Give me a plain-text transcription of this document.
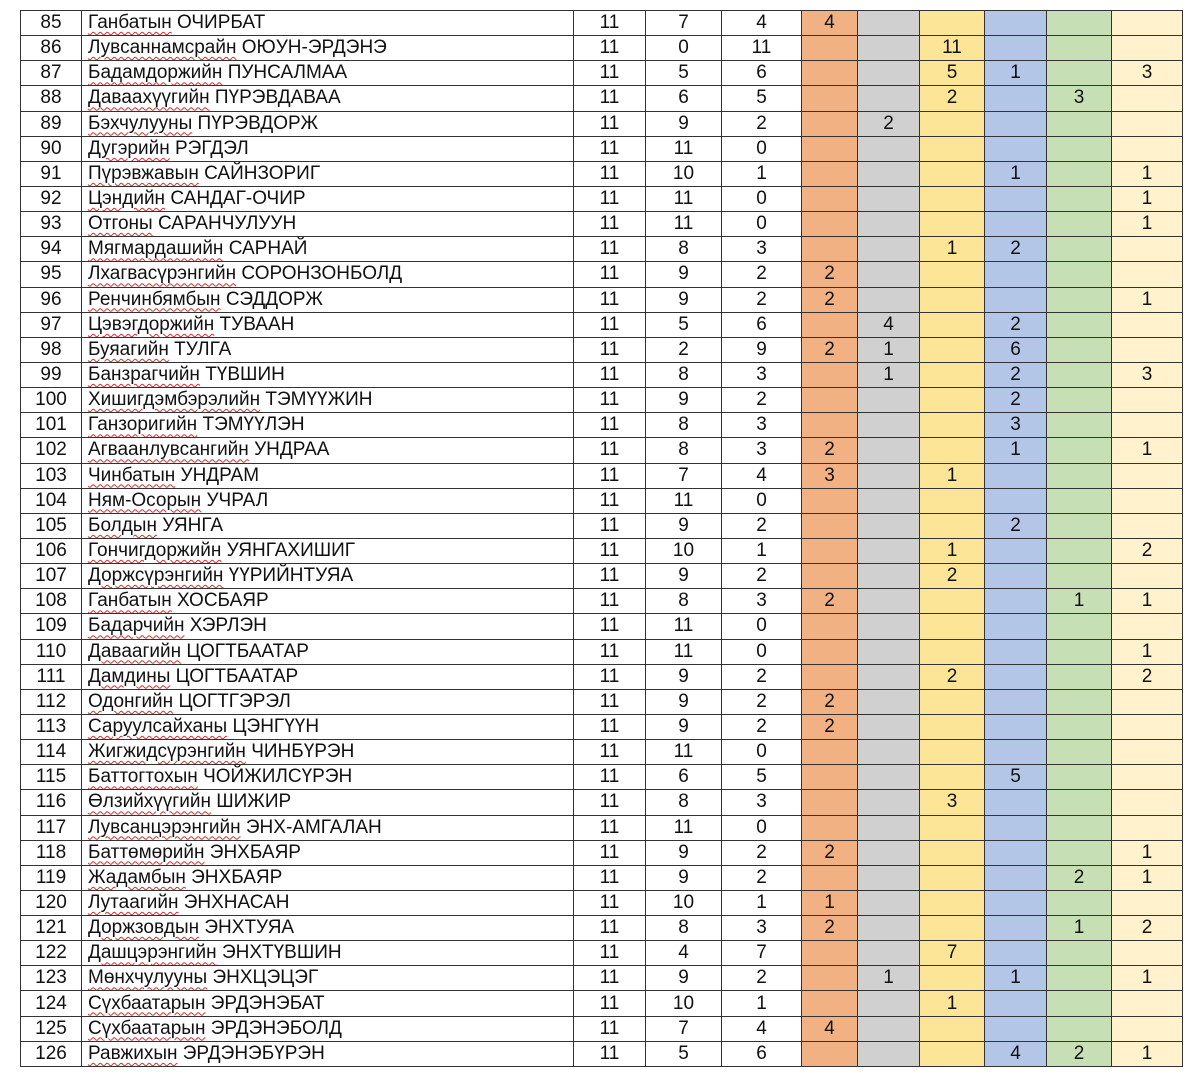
85	Ганбатын ОЧИРБАТ	11	7	4	4					
86	Лувсаннамсрайн ОЮУН-ЭРДЭНЭ	11	0	11			11			
87	Бадамдоржийн ПУНСАЛМАА	11	5	6			5	1		3
88	Даваахүүгийн ПҮРЭВДАВАА	11	6	5			2		3	
89	Бэхчулууны ПҮРЭВДОРЖ	11	9	2		2				
90	Дугэрийн РЭГДЭЛ	11	11	0						
91	Пүрэвжавын САЙНЗОРИГ	11	10	1				1		1
92	Цэндийн САНДАГ-ОЧИР	11	11	0						1
93	Отгоны САРАНЧУЛУУН	11	11	0						1
94	Мягмардашийн САРНАЙ	11	8	3			1	2		
95	Лхагвасүрэнгийн СОРОНЗОНБОЛД	11	9	2	2					
96	Ренчинбямбын СЭДДОРЖ	11	9	2	2					1
97	Цэвэгдоржийн ТУВААН	11	5	6		4		2		
98	Буяагийн ТУЛГА	11	2	9	2	1		6		
99	Банзрагчийн ТҮВШИН	11	8	3		1		2		3
100	Хишигдэмбэрэлийн ТЭМҮҮЖИН	11	9	2				2		
101	Ганзоригийн ТЭМҮҮЛЭН	11	8	3				3		
102	Агваанлувсангийн УНДРАА	11	8	3	2			1		1
103	Чинбатын УНДРАМ	11	7	4	3		1			
104	Ням-Осорын УЧРАЛ	11	11	0						
105	Болдын УЯНГА	11	9	2				2		
106	Гончигдоржийн УЯНГАХИШИГ	11	10	1			1			2
107	Доржсүрэнгийн ҮҮРИЙНТУЯА	11	9	2			2			
108	Ганбатын ХОСБАЯР	11	8	3	2				1	1
109	Бадарчийн ХЭРЛЭН	11	11	0						
110	Даваагийн ЦОГТБААТАР	11	11	0						1
111	Дамдины ЦОГТБААТАР	11	9	2			2			2
112	Одонгийн ЦОГТГЭРЭЛ	11	9	2	2					
113	Саруулсайханы ЦЭНГҮҮН	11	9	2	2					
114	Жигжидсүрэнгийн ЧИНБҮРЭН	11	11	0						
115	Баттогтохын ЧОЙЖИЛСҮРЭН	11	6	5				5		
116	Өлзийхүүгийн ШИЖИР	11	8	3			3			
117	Лувсанцэрэнгийн ЭНХ-АМГАЛАН	11	11	0						
118	Баттөмөрийн ЭНХБАЯР	11	9	2	2					1
119	Жадамбын ЭНХБАЯР	11	9	2					2	1
120	Лутаагийн ЭНХНАСАН	11	10	1	1					
121	Доржзовдын ЭНХТУЯА	11	8	3	2				1	2
122	Дашцэрэнгийн ЭНХТҮВШИН	11	4	7			7			
123	Мөнхчулууны ЭНХЦЭЦЭГ	11	9	2		1		1		1
124	Сүхбаатарын ЭРДЭНЭБАТ	11	10	1			1			
125	Сүхбаатарын ЭРДЭНЭБОЛД	11	7	4	4					
126	Равжихын ЭРДЭНЭБҮРЭН	11	5	6				4	2	1
